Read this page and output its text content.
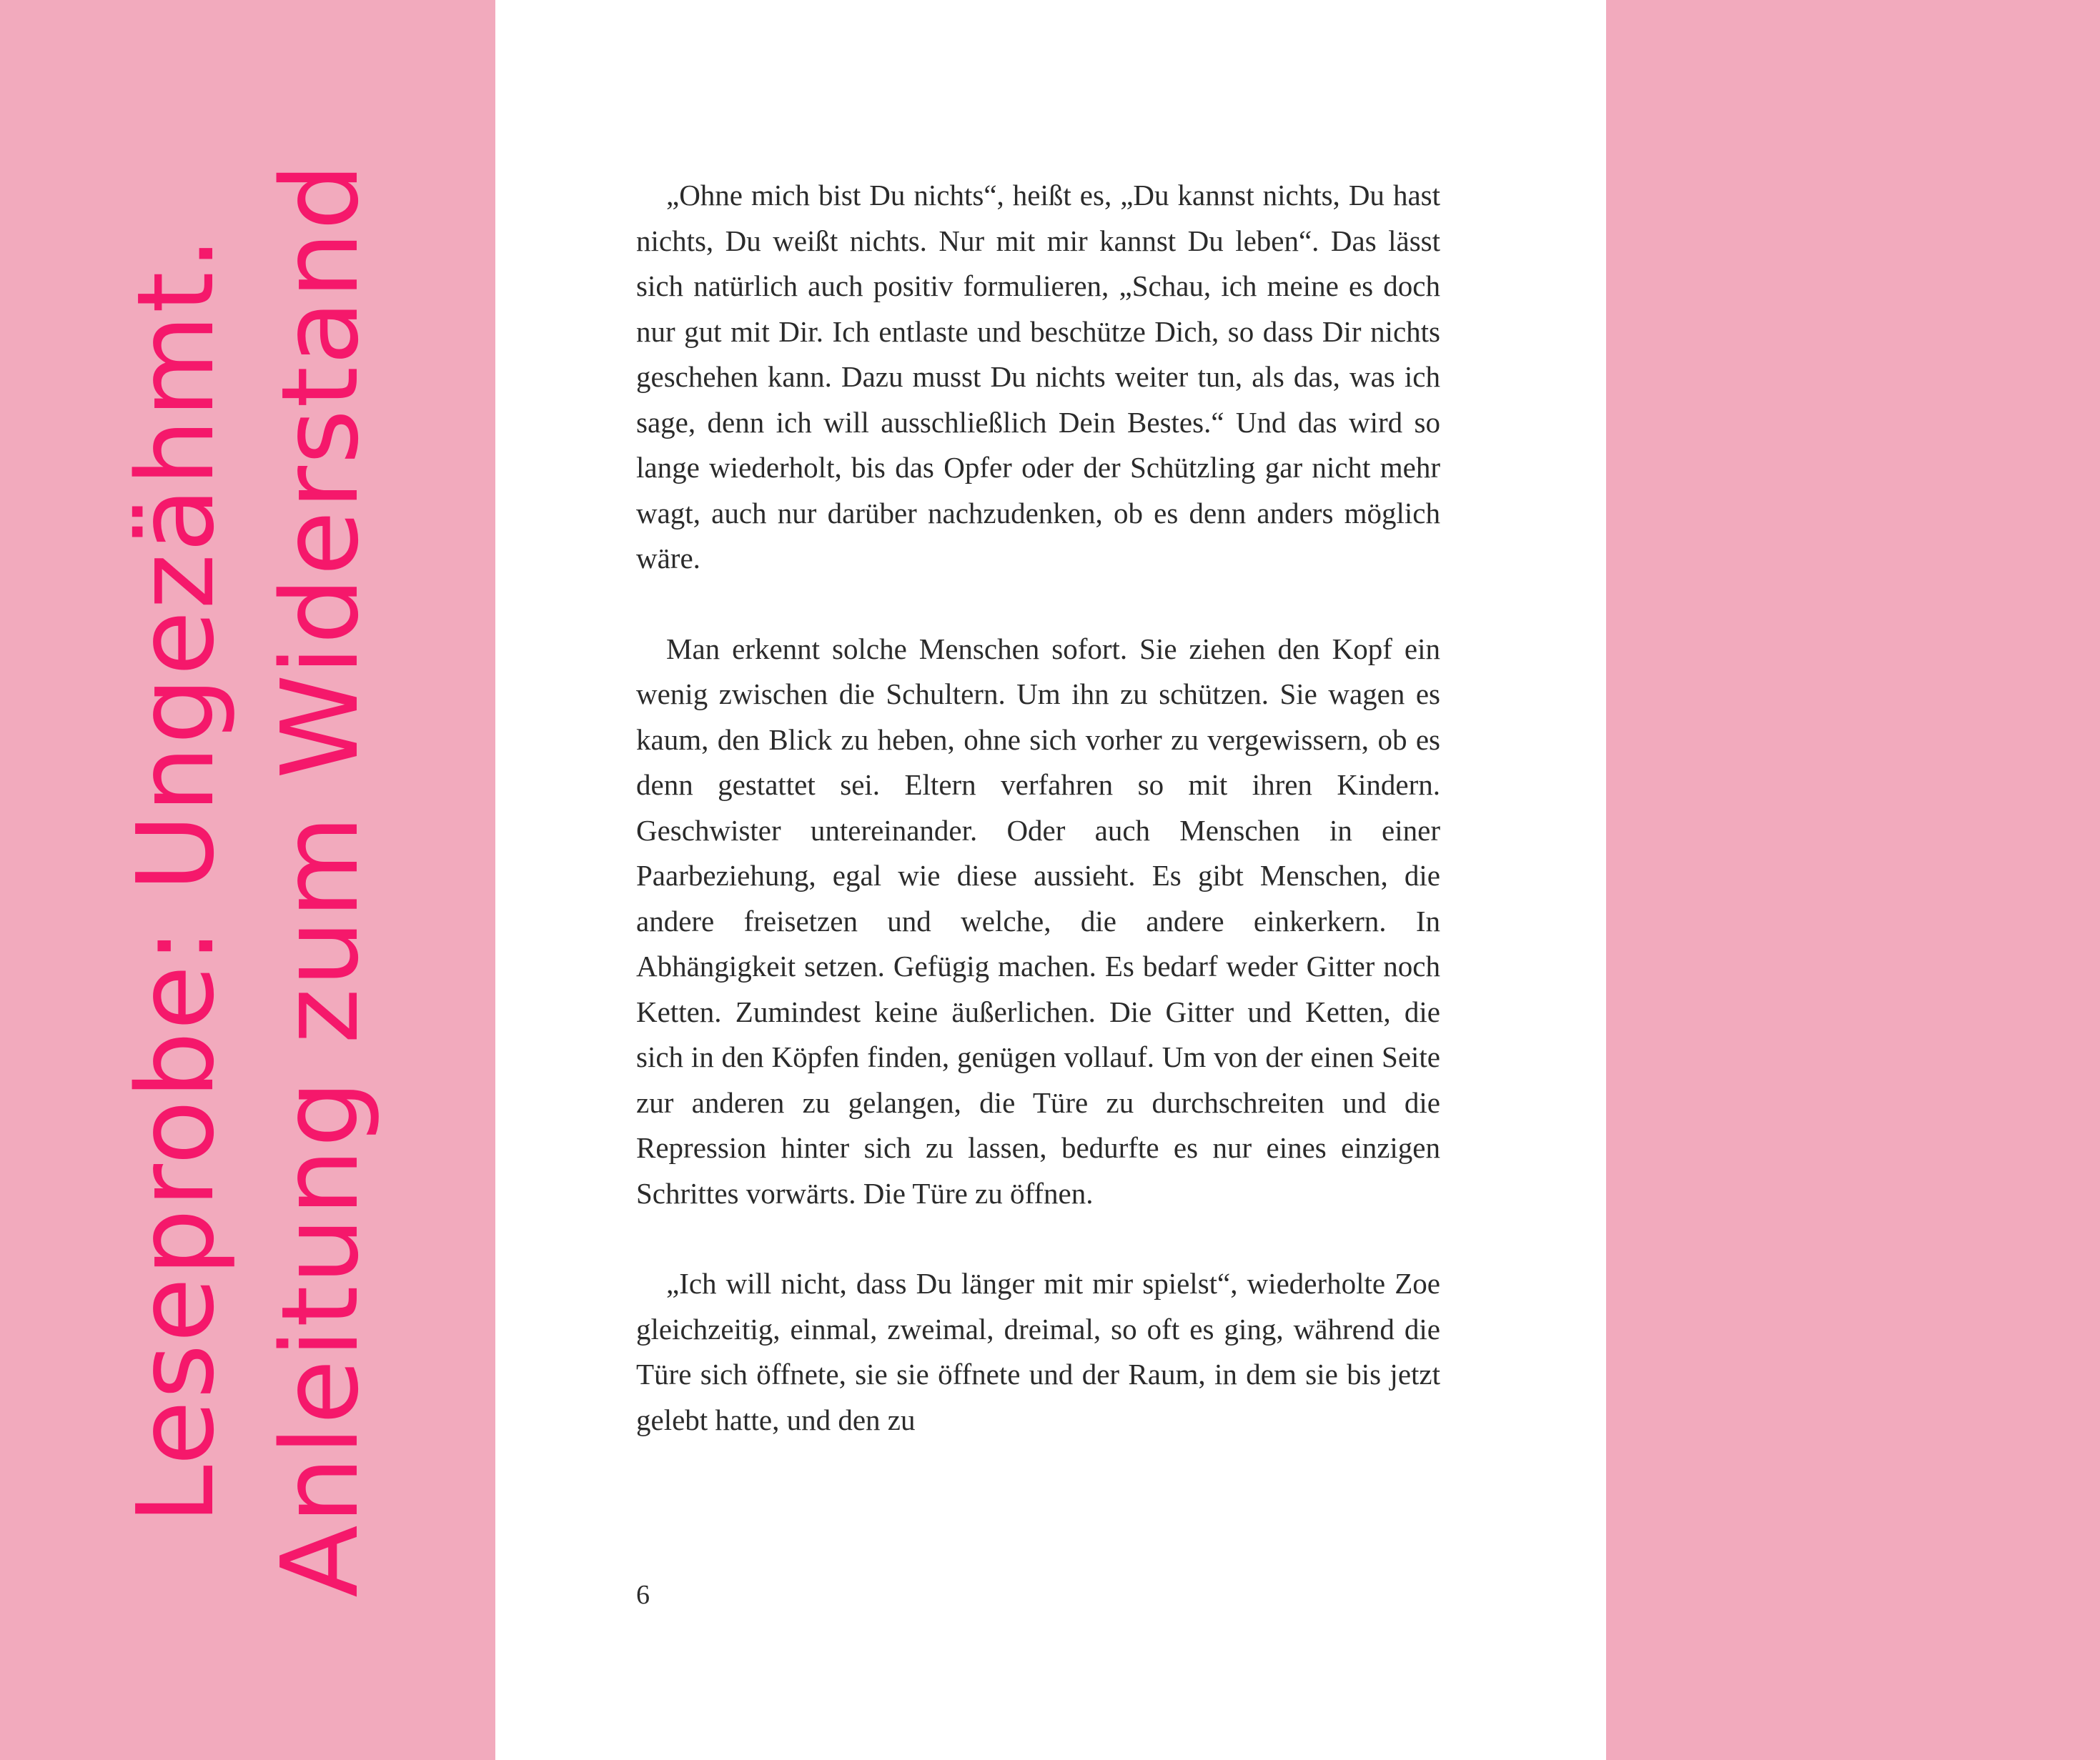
Leseprobe: Ungezähmt. Anleitung zum Widerstand	„Ohne mich bist Du nichts“, heißt es, „Du kannst nichts, Du hast nichts, Du weißt nichts. Nur mit mir kannst Du leben“. Das lässt sich natürlich auch positiv formulieren, „Schau, ich meine es doch nur gut mit Dir. Ich entlaste und beschütze Dich, so dass Dir nichts geschehen kann. Dazu musst Du nichts weiter tun, als das, was ich sage, denn ich will ausschließlich Dein Bestes.“ Und das wird so lange wiederholt, bis das Opfer oder der Schützling gar nicht mehr wagt, auch nur darüber nachzudenken, ob es denn anders möglich wäre.

Man erkennt solche Menschen sofort. Sie ziehen den Kopf ein wenig zwischen die Schultern. Um ihn zu schützen. Sie wagen es kaum, den Blick zu heben, ohne sich vorher zu vergewissern, ob es denn gestattet sei. Eltern verfahren so mit ihren Kindern. Geschwister untereinander. Oder auch Menschen in einer Paarbeziehung, egal wie diese aussieht. Es gibt Menschen, die andere freisetzen und welche, die andere einkerkern. In Abhängigkeit setzen. Gefügig machen. Es bedarf weder Gitter noch Ketten. Zumindest keine äußerlichen. Die Gitter und Ketten, die sich in den Köpfen finden, genügen vollauf. Um von der einen Seite zur anderen zu gelangen, die Türe zu durchschreiten und die Repression hinter sich zu lassen, bedurfte es nur eines einzigen Schrittes vorwärts. Die Türe zu öffnen.

„Ich will nicht, dass Du länger mit mir spielst“, wiederholte Zoe gleichzeitig, einmal, zweimal, dreimal, so oft es ging, während die Türe sich öffnete, sie sie öffnete und der Raum, in dem sie bis jetzt gelebt hatte, und den zu

6
